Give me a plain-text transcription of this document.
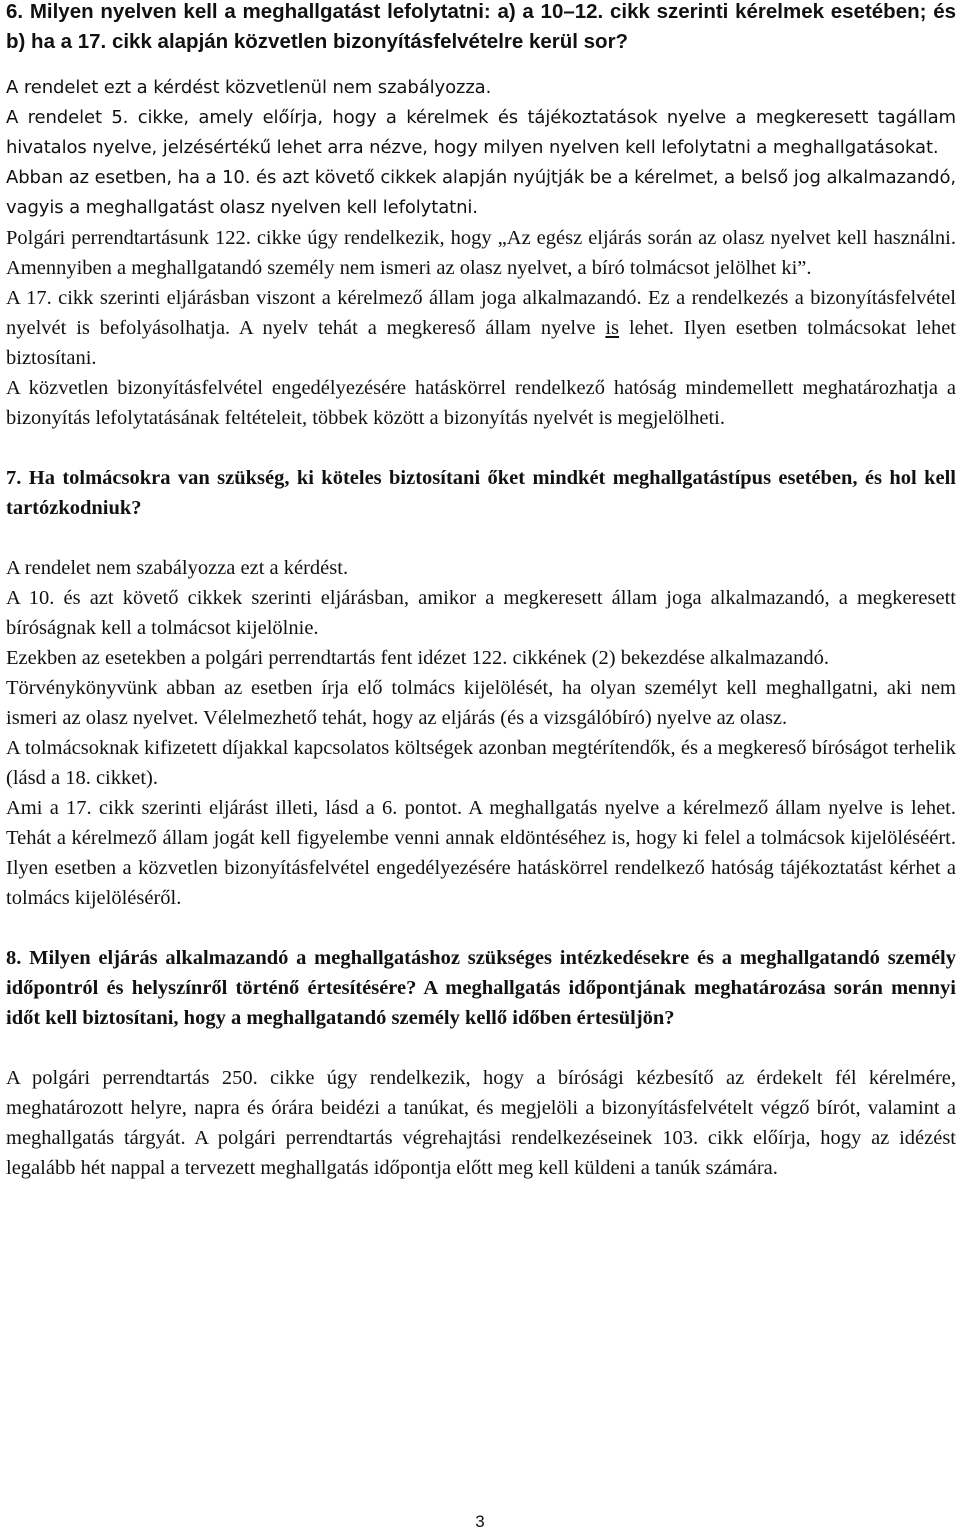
6. Milyen nyelven kell a meghallgatást lefolytatni: a) a 10–12. cikk szerinti kérelmek esetében; és b) ha a 17. cikk alapján közvetlen bizonyításfelvételre kerül sor?

A rendelet ezt a kérdést közvetlenül nem szabályozza.

A rendelet 5. cikke, amely előírja, hogy a kérelmek és tájékoztatások nyelve a megkeresett tagállam hivatalos nyelve, jelzésértékű lehet arra nézve, hogy milyen nyelven kell lefolytatni a meghallgatásokat.

Abban az esetben, ha a 10. és azt követő cikkek alapján nyújtják be a kérelmet, a belső jog alkalmazandó, vagyis a meghallgatást olasz nyelven kell lefolytatni.

Polgári perrendtartásunk 122. cikke úgy rendelkezik, hogy „Az egész eljárás során az olasz nyelvet kell használni. Amennyiben a meghallgatandó személy nem ismeri az olasz nyelvet, a bíró tolmácsot jelölhet ki”.

A 17. cikk szerinti eljárásban viszont a kérelmező állam joga alkalmazandó. Ez a rendelkezés a bizonyításfelvétel nyelvét is befolyásolhatja. A nyelv tehát a megkereső állam nyelve is lehet. Ilyen esetben tolmácsokat lehet biztosítani.

A közvetlen bizonyításfelvétel engedélyezésére hatáskörrel rendelkező hatóság mindemellett meghatározhatja a bizonyítás lefolytatásának feltételeit, többek között a bizonyítás nyelvét is megjelölheti.

7. Ha tolmácsokra van szükség, ki köteles biztosítani őket mindkét meghallgatástípus esetében, és hol kell tartózkodniuk?

A rendelet nem szabályozza ezt a kérdést.

A 10. és azt követő cikkek szerinti eljárásban, amikor a megkeresett állam joga alkalmazandó, a megkeresett bíróságnak kell a tolmácsot kijelölnie.

Ezekben az esetekben a polgári perrendtartás fent idézet 122. cikkének (2) bekezdése alkalmazandó.

Törvénykönyvünk abban az esetben írja elő tolmács kijelölését, ha olyan személyt kell meghallgatni, aki nem ismeri az olasz nyelvet. Vélelmezhető tehát, hogy az eljárás (és a vizsgálóbíró) nyelve az olasz.

A tolmácsoknak kifizetett díjakkal kapcsolatos költségek azonban megtérítendők, és a megkereső bíróságot terhelik (lásd a 18. cikket).

Ami a 17. cikk szerinti eljárást illeti, lásd a 6. pontot. A meghallgatás nyelve a kérelmező állam nyelve is lehet. Tehát a kérelmező állam jogát kell figyelembe venni annak eldöntéséhez is, hogy ki felel a tolmácsok kijelöléséért. Ilyen esetben a közvetlen bizonyításfelvétel engedélyezésére hatáskörrel rendelkező hatóság tájékoztatást kérhet a tolmács kijelöléséről.

8. Milyen eljárás alkalmazandó a meghallgatáshoz szükséges intézkedésekre és a meghallgatandó személy időpontról és helyszínről történő értesítésére? A meghallgatás időpontjának meghatározása során mennyi időt kell biztosítani, hogy a meghallgatandó személy kellő időben értesüljön?

A polgári perrendtartás 250. cikke úgy rendelkezik, hogy a bírósági kézbesítő az érdekelt fél kérelmére, meghatározott helyre, napra és órára beidézi a tanúkat, és megjelöli a bizonyításfelvételt végző bírót, valamint a meghallgatás tárgyát. A polgári perrendtartás végrehajtási rendelkezéseinek 103. cikk előírja, hogy az idézést legalább hét nappal a tervezett meghallgatás időpontja előtt meg kell küldeni a tanúk számára.

3
